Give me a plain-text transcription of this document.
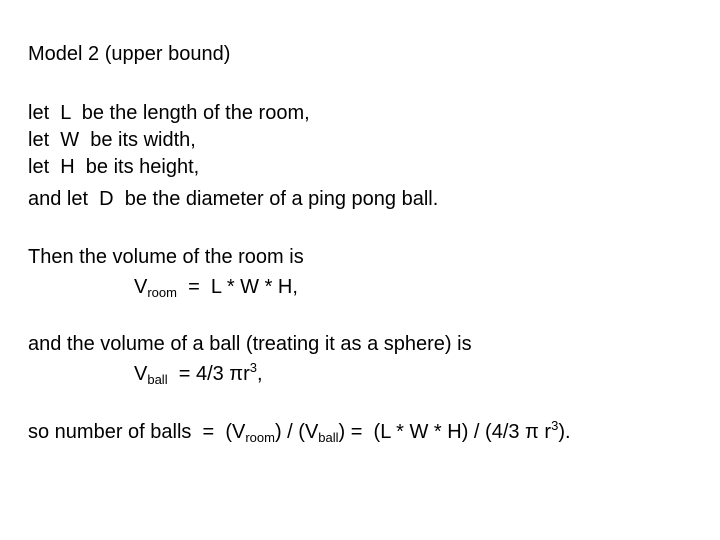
Model 2 (upper bound)
let  L  be the length of the room,
let  W  be its width,
let  H  be its height,
and let  D  be the diameter of a ping pong ball.
Then the volume of the room is
$V_{room} = L * W * H$,
and the volume of a ball (treating it as a sphere) is
$V_{ball} = 4/3$ $\pi r^3$,
so number of balls  =  $(V_{room}) / (V_{ball}) = (L * W * H) / (4/3$ π $r^3$).
